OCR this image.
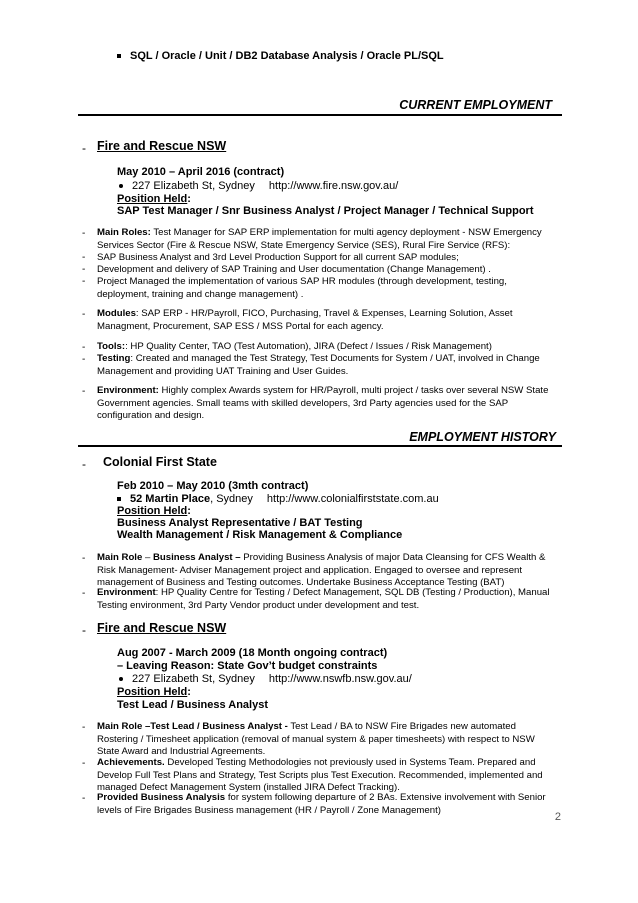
SQL / Oracle / Unit / DB2 Database Analysis / Oracle PL/SQL
CURRENT EMPLOYMENT
- Fire and Rescue NSW
May 2010 – April 2016 (contract)
227 Elizabeth St, Sydney http://www.fire.nsw.gov.au/
Position Held:
SAP Test Manager / Snr Business Analyst / Project Manager / Technical Support
- Main Roles: Test Manager for SAP ERP implementation for multi agency deployment - NSW Emergency Services Sector (Fire & Rescue NSW, State Emergency Service (SES), Rural Fire Service (RFS):
- SAP Business Analyst and 3rd Level Production Support for all current SAP modules;
- Development and delivery of SAP Training and User documentation (Change Management) .
- Project Managed the implementation of various SAP HR modules (through development, testing, deployment, training and change management) .
- Modules: SAP ERP - HR/Payroll, FICO, Purchasing, Travel & Expenses, Learning Solution, Asset Managment, Procurement, SAP ESS / MSS Portal for each agency.
- Tools:: HP Quality Center, TAO (Test Automation), JIRA (Defect / Issues / Risk Management)
- Testing: Created and managed the Test Strategy, Test Documents for System / UAT, involved in Change Management and providing UAT Training and User Guides.
- Environment: Highly complex Awards system for HR/Payroll, multi project / tasks over several NSW State Government agencies. Small teams with skilled developers, 3rd Party agencies used for the SAP configuration and design.
EMPLOYMENT HISTORY
- Colonial First State
Feb 2010 – May 2010 (3mth contract)
52 Martin Place, Sydney http://www.colonialfirststate.com.au
Position Held:
Business Analyst Representative / BAT Testing
Wealth Management / Risk Management & Compliance
- Main Role – Business Analyst – Providing Business Analysis of major Data Cleansing for CFS Wealth & Risk Management- Adviser Management project and application. Engaged to oversee and represent management of Business and Testing outcomes. Undertake Business Acceptance Testing (BAT)
- Environment: HP Quality Centre for Testing / Defect Management, SQL DB (Testing / Production), Manual Testing environment, 3rd Party Vendor product under development and test.
- Fire and Rescue NSW
Aug 2007 - March 2009 (18 Month ongoing contract)
– Leaving Reason: State Gov’t budget constraints
227 Elizabeth St, Sydney http://www.nswfb.nsw.gov.au/
Position Held:
Test Lead / Business Analyst
- Main Role –Test Lead / Business Analyst - Test Lead / BA to NSW Fire Brigades new automated Rostering / Timesheet application (removal of manual system & paper timesheets) with respect to NSW State Award and Industrial Agreements.
- Achievements. Developed Testing Methodologies not previously used in Systems Team. Prepared and Develop Full Test Plans and Strategy, Test Scripts plus Test Execution. Recommended, implemented and managed Defect Management System (installed JIRA Defect Tracking).
- Provided Business Analysis for system following departure of 2 BAs. Extensive involvement with Senior levels of Fire Brigades Business management (HR / Payroll / Zone Management)
2
